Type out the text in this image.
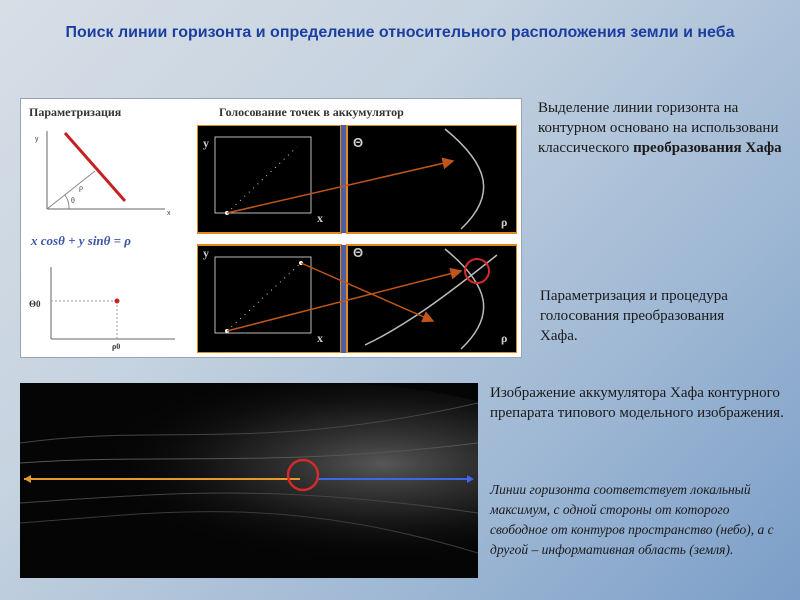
Поиск линии горизонта и определение относительного расположения земли и неба
Параметризация	Голосование точек в аккумулятор
y
x
ρ
θ
x cosθ + y sinθ = ρ
Θ0
ρ0
y
x
Θ
ρ
y
x
Θ
ρ
Выделение линии горизонта на контурном основано на использовани классического преобразования Хафа
Параметризация и процедура голосования преобразования Хафа.
Изображение аккумулятора Хафа контурного препарата типового модельного изображения.
Линии горизонта соответствует локальный максимум, с одной стороны от которого свободное от контуров пространство (небо), а с другой – информативная область (земля).
